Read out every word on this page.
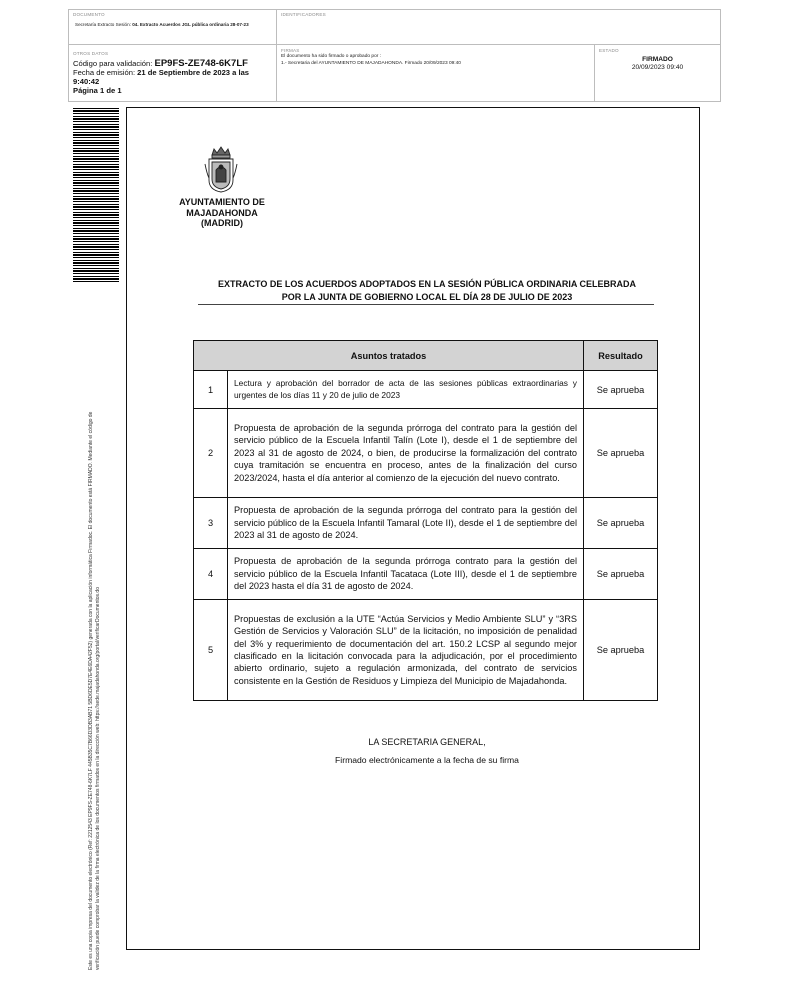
DOCUMENTO
Secretaría Extracto Sesión: 04. Extracto Acuerdos JGL pública ordinaria 28-07-23
IDENTIFICADORES
OTROS DATOS
Código para validación: EP9FS-ZE748-6K7LF
Fecha de emisión: 21 de Septiembre de 2023 a las 9:40:42
Página 1 de 1
FIRMAS
El documento ha sido firmado o aprobado por :
1.- Secretaria del AYUNTAMIENTO DE MAJADAHONDA. Firmado 20/09/2023 09:40
ESTADO
FIRMADO
20/09/2023 09:40
Este es una copia impresa del documento electrónico (Ref: 2212543 EP9FS-ZE748-6K7LF 445B35C7B66D3DB3AB71 5BD6DE5D7E4E6DA42F52) generada con la aplicación informática Firmadoc. El documento está FIRMADO. Mediante el código de verificación puede comprobar la validez de la firma electrónica de los documentos firmados en la dirección web: https://sede.majadahonda.org/portal/verificarDocumentos.do
AYUNTAMIENTO DE
MAJADAHONDA
(MADRID)
EXTRACTO DE LOS ACUERDOS ADOPTADOS EN LA SESIÓN PÚBLICA ORDINARIA CELEBRADA
POR LA JUNTA DE GOBIERNO LOCAL EL DÍA 28 DE JULIO DE 2023
Asuntos tratados		Resultado
1	Lectura y aprobación del borrador de acta de las sesiones públicas extraordinarias y urgentes de los días 11 y 20 de julio de 2023	Se aprueba
2	Propuesta de aprobación de la segunda prórroga del contrato para la gestión del servicio público de la Escuela Infantil Talín (Lote I), desde el 1 de septiembre del 2023 al 31 de agosto de 2024, o bien, de producirse la formalización del contrato cuya tramitación se encuentra en proceso, antes de la finalización del curso 2023/2024, hasta el día anterior al comienzo de la ejecución del nuevo contrato.	Se aprueba
3	Propuesta de aprobación de la segunda prórroga del contrato para la gestión del servicio público de la Escuela Infantil Tamaral (Lote II), desde el 1 de septiembre del 2023 al 31 de agosto de 2024.	Se aprueba
4	Propuesta de aprobación de la segunda prórroga contrato para la gestión del servicio público de la Escuela Infantil Tacataca (Lote III), desde el 1 de septiembre del 2023 hasta el día 31 de agosto de 2024.	Se aprueba
5	Propuestas de exclusión a la UTE “Actúa Servicios y Medio Ambiente SLU” y “3RS Gestión de Servicios y Valoración SLU” de la licitación, no imposición de penalidad del 3% y requerimiento de documentación del art. 150.2 LCSP al segundo mejor clasificado en la licitación convocada para la adjudicación, por el procedimiento abierto ordinario, sujeto a regulación armonizada, del contrato de servicios consistente en la Gestión de Residuos y Limpieza del Municipio de Majadahonda.	Se aprueba
LA SECRETARIA GENERAL,
Firmado electrónicamente a la fecha de su firma
